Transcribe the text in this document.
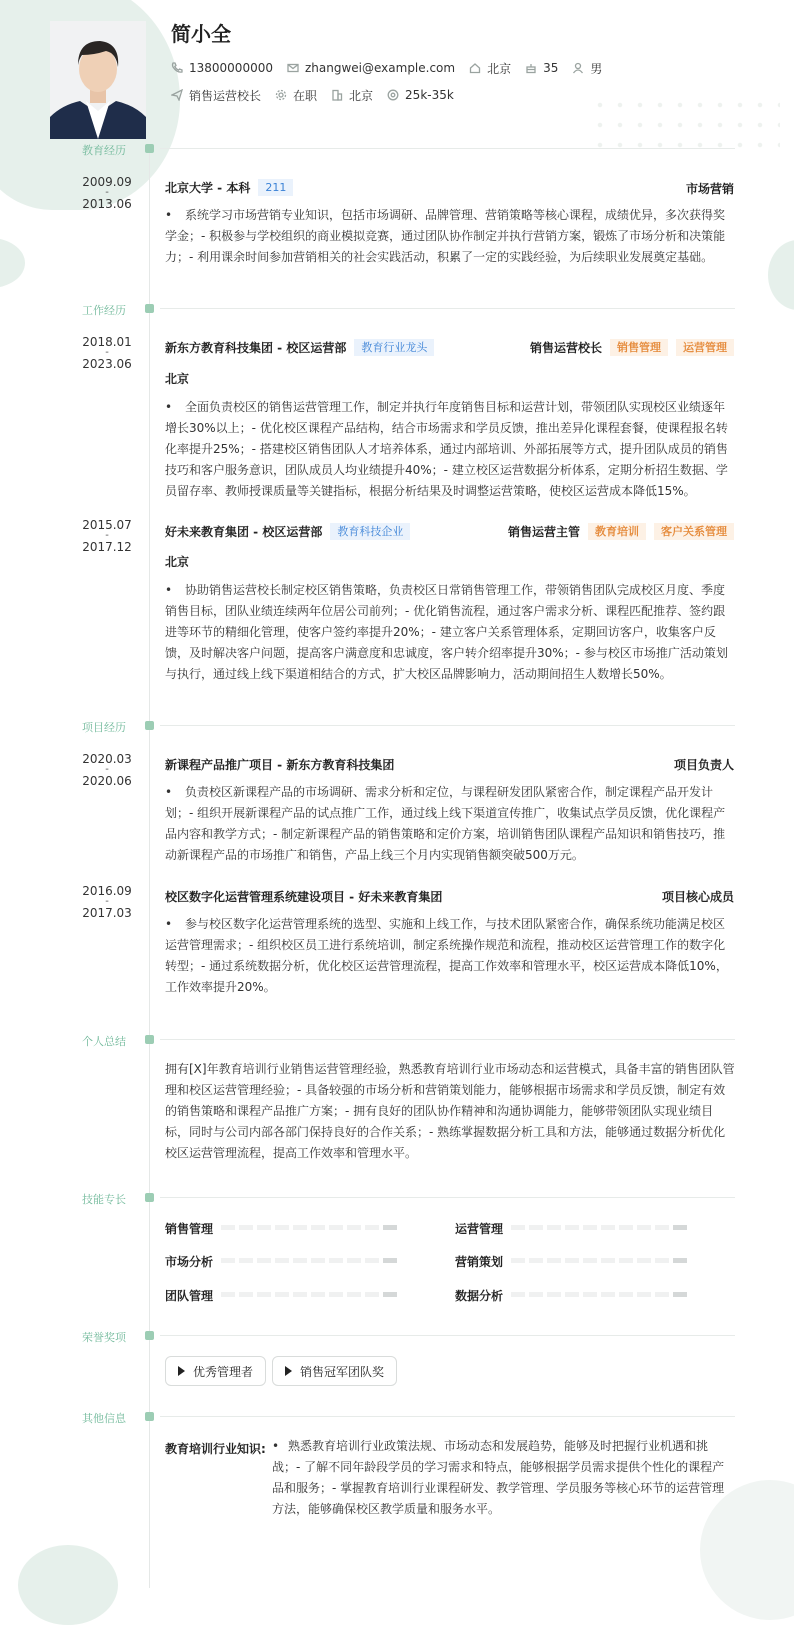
简小全
13800000000	zhangwei@example.com	北京	35	男
销售运营校长	在职	北京	25k-35k
教育经历
2009.09
-
2013.06
北京大学 - 本科	211	市场营销
• 系统学习市场营销专业知识，包括市场调研、品牌管理、营销策略等核心课程，成绩优异，多次获得奖学金；- 积极参与学校组织的商业模拟竞赛，通过团队协作制定并执行营销方案，锻炼了市场分析和决策能力；- 利用课余时间参加营销相关的社会实践活动，积累了一定的实践经验，为后续职业发展奠定基础。
工作经历
2018.01
-
2023.06
新东方教育科技集团 - 校区运营部	教育行业龙头	销售运营校长	销售管理	运营管理
北京
• 全面负责校区的销售运营管理工作，制定并执行年度销售目标和运营计划，带领团队实现校区业绩逐年增长30%以上；- 优化校区课程产品结构，结合市场需求和学员反馈，推出差异化课程套餐，使课程报名转化率提升25%；- 搭建校区销售团队人才培养体系，通过内部培训、外部拓展等方式，提升团队成员的销售技巧和客户服务意识，团队成员人均业绩提升40%；- 建立校区运营数据分析体系，定期分析招生数据、学员留存率、教师授课质量等关键指标，根据分析结果及时调整运营策略，使校区运营成本降低15%。
2015.07
-
2017.12
好未来教育集团 - 校区运营部	教育科技企业	销售运营主管	教育培训	客户关系管理
北京
• 协助销售运营校长制定校区销售策略，负责校区日常销售管理工作，带领销售团队完成校区月度、季度销售目标，团队业绩连续两年位居公司前列；- 优化销售流程，通过客户需求分析、课程匹配推荐、签约跟进等环节的精细化管理，使客户签约率提升20%；- 建立客户关系管理体系，定期回访客户，收集客户反馈，及时解决客户问题，提高客户满意度和忠诚度，客户转介绍率提升30%；- 参与校区市场推广活动策划与执行，通过线上线下渠道相结合的方式，扩大校区品牌影响力，活动期间招生人数增长50%。
项目经历
2020.03
-
2020.06
新课程产品推广项目 - 新东方教育科技集团	项目负责人
• 负责校区新课程产品的市场调研、需求分析和定位，与课程研发团队紧密合作，制定课程产品开发计划；- 组织开展新课程产品的试点推广工作，通过线上线下渠道宣传推广，收集试点学员反馈，优化课程产品内容和教学方式；- 制定新课程产品的销售策略和定价方案，培训销售团队课程产品知识和销售技巧，推动新课程产品的市场推广和销售，产品上线三个月内实现销售额突破500万元。
2016.09
-
2017.03
校区数字化运营管理系统建设项目 - 好未来教育集团	项目核心成员
• 参与校区数字化运营管理系统的选型、实施和上线工作，与技术团队紧密合作，确保系统功能满足校区运营管理需求；- 组织校区员工进行系统培训，制定系统操作规范和流程，推动校区运营管理工作的数字化转型；- 通过系统数据分析，优化校区运营管理流程，提高工作效率和管理水平，校区运营成本降低10%，工作效率提升20%。
个人总结
拥有[X]年教育培训行业销售运营管理经验，熟悉教育培训行业市场动态和运营模式，具备丰富的销售团队管理和校区运营管理经验；- 具备较强的市场分析和营销策划能力，能够根据市场需求和学员反馈，制定有效的销售策略和课程产品推广方案；- 拥有良好的团队协作精神和沟通协调能力，能够带领团队实现业绩目标，同时与公司内部各部门保持良好的合作关系；- 熟练掌握数据分析工具和方法，能够通过数据分析优化校区运营管理流程，提高工作效率和管理水平。
技能专长
销售管理	运营管理
市场分析	营销策划
团队管理	数据分析
荣誉奖项
优秀管理者	销售冠军团队奖
其他信息
教育培训行业知识: • 熟悉教育培训行业政策法规、市场动态和发展趋势，能够及时把握行业机遇和挑战；- 了解不同年龄段学员的学习需求和特点，能够根据学员需求提供个性化的课程产品和服务；- 掌握教育培训行业课程研发、教学管理、学员服务等核心环节的运营管理方法，能够确保校区教学质量和服务水平。
